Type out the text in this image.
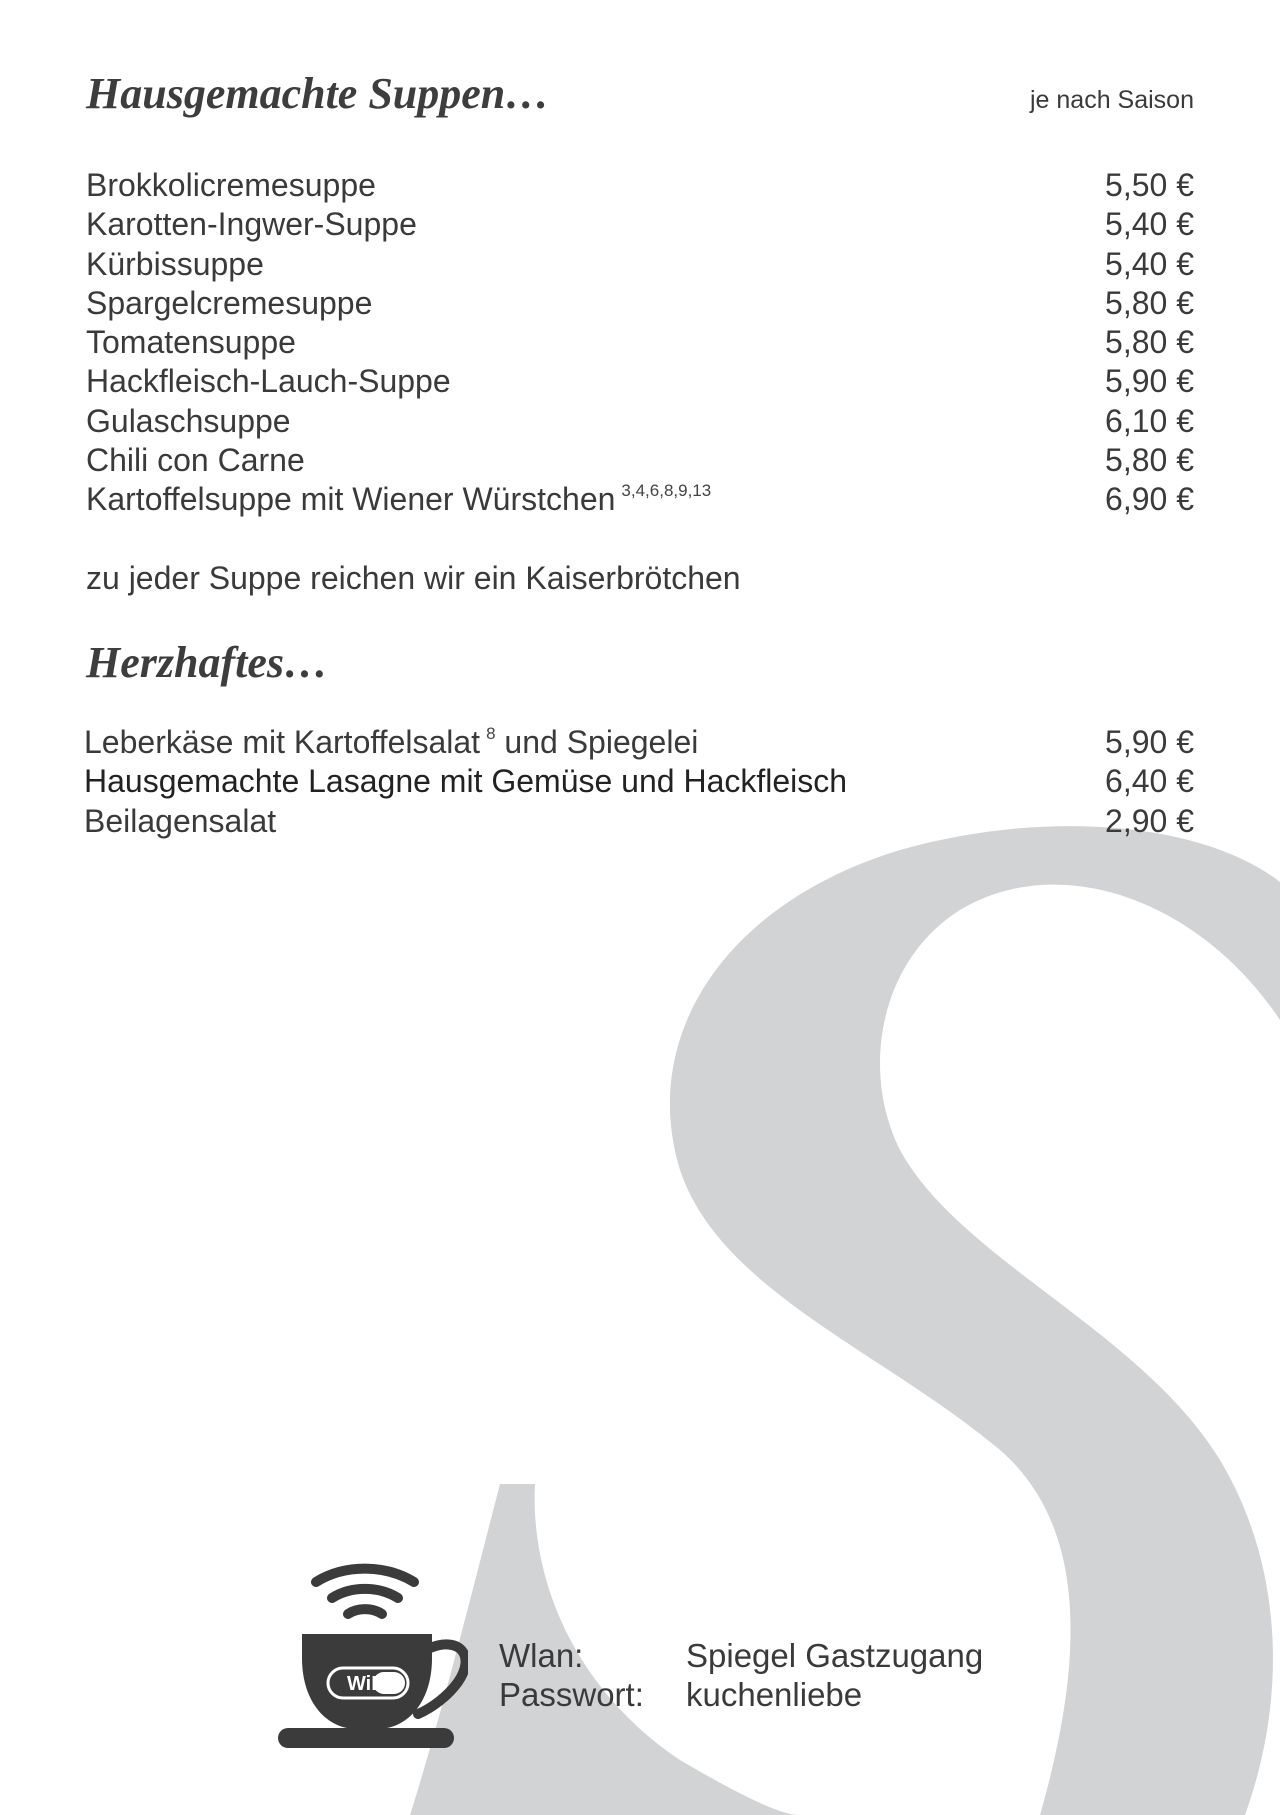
Hausgemachte Suppen…	je nach Saison
Brokkolicremesuppe	5,50 €
Karotten-Ingwer-Suppe	5,40 €
Kürbissuppe	5,40 €
Spargelcremesuppe	5,80 €
Tomatensuppe	5,80 €
Hackfleisch-Lauch-Suppe	5,90 €
Gulaschsuppe	6,10 €
Chili con Carne	5,80 €
Kartoffelsuppe mit Wiener Würstchen $^{3,4,6,8,9,13}$	6,90 €
zu jeder Suppe reichen wir ein Kaiserbrötchen
Herzhaftes…
Leberkäse mit Kartoffelsalat $^8$ und Spiegelei	5,90 €
Hausgemachte Lasagne mit Gemüse und Hackfleisch	6,40 €
Beilagensalat	2,90 €
WiFi
™ Wlan:	Spiegel Gastzugang
Passwort:	kuchenliebe
